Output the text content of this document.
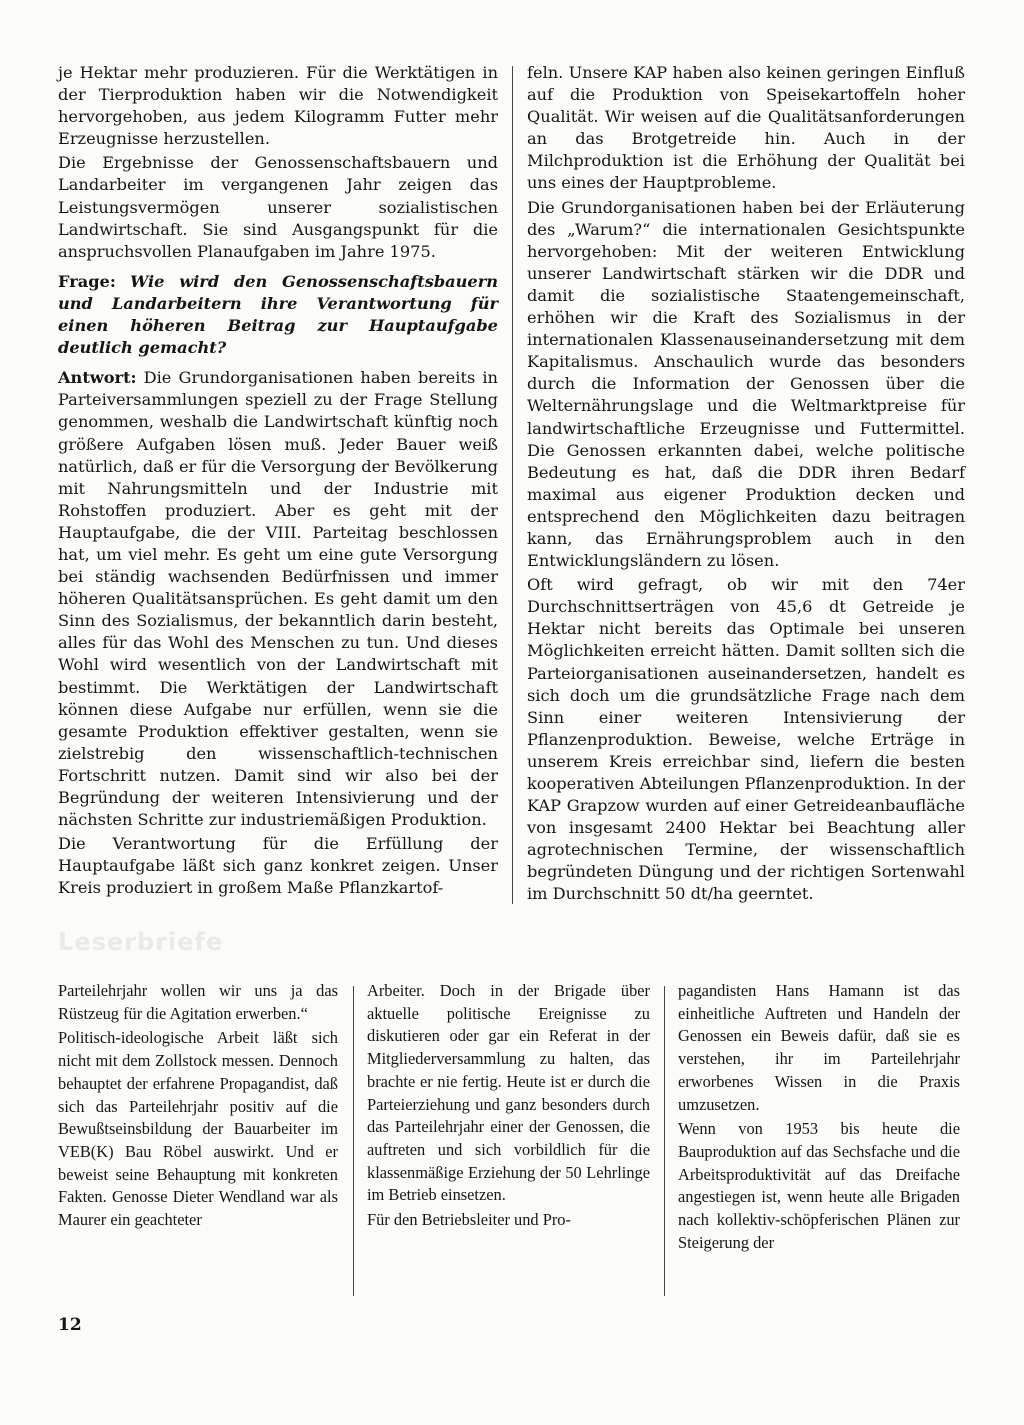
je Hektar mehr produzieren. Für die Werktätigen in der Tierproduktion haben wir die Notwendigkeit hervorgehoben, aus jedem Kilogramm Futter mehr Erzeugnisse herzustellen.

Die Ergebnisse der Genossenschaftsbauern und Landarbeiter im vergangenen Jahr zeigen das Leistungsvermögen unserer sozialistischen Landwirtschaft. Sie sind Ausgangspunkt für die anspruchsvollen Planaufgaben im Jahre 1975.

Frage: Wie wird den Genossenschaftsbauern und Landarbeitern ihre Verantwortung für einen höheren Beitrag zur Hauptaufgabe deutlich gemacht?

Antwort: Die Grundorganisationen haben bereits in Parteiversammlungen speziell zu der Frage Stellung genommen, weshalb die Landwirtschaft künftig noch größere Aufgaben lösen muß. Jeder Bauer weiß natürlich, daß er für die Versorgung der Bevölkerung mit Nahrungsmitteln und der Industrie mit Rohstoffen produziert. Aber es geht mit der Hauptaufgabe, die der VIII. Parteitag beschlossen hat, um viel mehr. Es geht um eine gute Versorgung bei ständig wachsenden Bedürfnissen und immer höheren Qualitätsansprüchen. Es geht damit um den Sinn des Sozialismus, der bekanntlich darin besteht, alles für das Wohl des Menschen zu tun. Und dieses Wohl wird wesentlich von der Landwirtschaft mit bestimmt. Die Werktätigen der Landwirtschaft können diese Aufgabe nur erfüllen, wenn sie die gesamte Produktion effektiver gestalten, wenn sie zielstrebig den wissenschaftlich-technischen Fortschritt nutzen. Damit sind wir also bei der Begründung der weiteren Intensivierung und der nächsten Schritte zur industriemäßigen Produktion.

Die Verantwortung für die Erfüllung der Hauptaufgabe läßt sich ganz konkret zeigen. Unser Kreis produziert in großem Maße Pflanzkartof-

feln. Unsere KAP haben also keinen geringen Einfluß auf die Produktion von Speisekartoffeln hoher Qualität. Wir weisen auf die Qualitätsanforderungen an das Brotgetreide hin. Auch in der Milchproduktion ist die Erhöhung der Qualität bei uns eines der Hauptprobleme.

Die Grundorganisationen haben bei der Erläuterung des „Warum?“ die internationalen Gesichtspunkte hervorgehoben: Mit der weiteren Entwicklung unserer Landwirtschaft stärken wir die DDR und damit die sozialistische Staatengemeinschaft, erhöhen wir die Kraft des Sozialismus in der internationalen Klassenauseinandersetzung mit dem Kapitalismus. Anschaulich wurde das besonders durch die Information der Genossen über die Welternährungslage und die Weltmarktpreise für landwirtschaftliche Erzeugnisse und Futtermittel. Die Genossen erkannten dabei, welche politische Bedeutung es hat, daß die DDR ihren Bedarf maximal aus eigener Produktion decken und entsprechend den Möglichkeiten dazu beitragen kann, das Ernährungsproblem auch in den Entwicklungsländern zu lösen.

Oft wird gefragt, ob wir mit den 74er Durchschnittserträgen von 45,6 dt Getreide je Hektar nicht bereits das Optimale bei unseren Möglichkeiten erreicht hätten. Damit sollten sich die Parteiorganisationen auseinandersetzen, handelt es sich doch um die grundsätzliche Frage nach dem Sinn einer weiteren Intensivierung der Pflanzenproduktion. Beweise, welche Erträge in unserem Kreis erreichbar sind, liefern die besten kooperativen Abteilungen Pflanzenproduktion. In der KAP Grapzow wurden auf einer Getreideanbaufläche von insgesamt 2400 Hektar bei Beachtung aller agrotechnischen Termine, der wissenschaftlich begründeten Düngung und der richtigen Sortenwahl im Durchschnitt 50 dt/ha geerntet.

Leserbriefe

Parteilehrjahr wollen wir uns ja das Rüstzeug für die Agitation erwerben.“

Politisch-ideologische Arbeit läßt sich nicht mit dem Zollstock messen. Dennoch behauptet der erfahrene Propagandist, daß sich das Parteilehrjahr positiv auf die Bewußtseinsbildung der Bauarbeiter im VEB(K) Bau Röbel auswirkt. Und er beweist seine Behauptung mit konkreten Fakten. Genosse Dieter Wendland war als Maurer ein geachteter

Arbeiter. Doch in der Brigade über aktuelle politische Ereignisse zu diskutieren oder gar ein Referat in der Mitgliederversammlung zu halten, das brachte er nie fertig. Heute ist er durch die Parteierziehung und ganz besonders durch das Parteilehrjahr einer der Genossen, die auftreten und sich vorbildlich für die klassenmäßige Erziehung der 50 Lehrlinge im Betrieb einsetzen.

Für den Betriebsleiter und Pro-

pagandisten Hans Hamann ist das einheitliche Auftreten und Handeln der Genossen ein Beweis dafür, daß sie es verstehen, ihr im Parteilehrjahr erworbenes Wissen in die Praxis umzusetzen.

Wenn von 1953 bis heute die Bauproduktion auf das Sechsfache und die Arbeitsproduktivität auf das Dreifache angestiegen ist, wenn heute alle Brigaden nach kollektiv-schöpferischen Plänen zur Steigerung der

12
